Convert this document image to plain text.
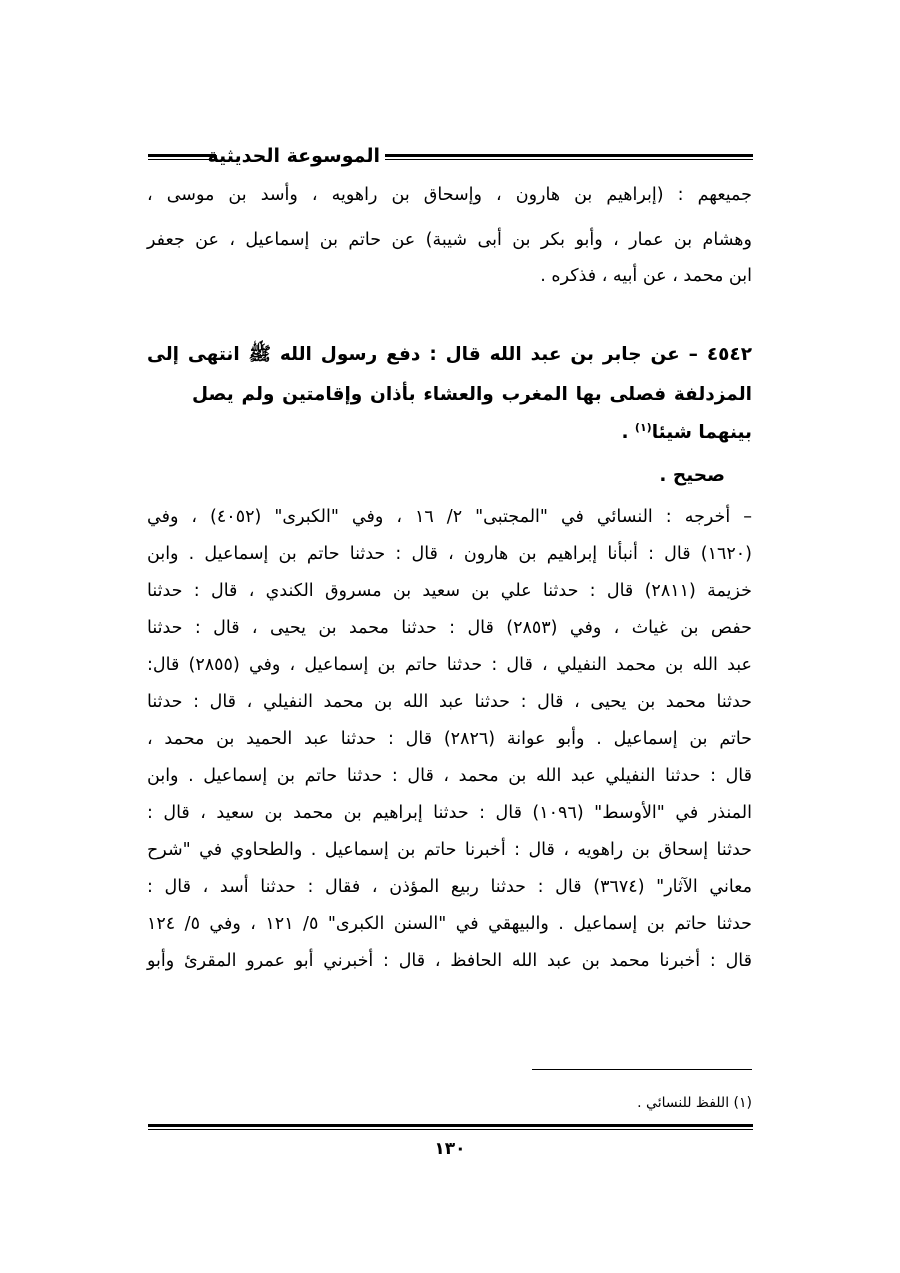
الموسوعة الحديثية
جميعهم : (إبراهيم بن هارون ، وإسحاق بن راهويه ، وأسد بن موسى ،
وهشام بن عمار ، وأبو بكر بن أبى شيبة) عن حاتم بن إسماعيل ، عن جعفر
ابن محمد ، عن أبيه ، فذكره .
٤٥٤٢ – عن جابر بن عبد الله قال : دفع رسول الله ﷺ انتهى إلى
المزدلفة فصلى بها المغرب والعشاء بأذان وإقامتين ولم يصل
بينهما شيئا$^{(١)}$ .
صحيح .
– أخرجه : النسائي في "المجتبى" ٢/ ١٦ ، وفي "الكبرى" (٤٠٥٢) ، وفي
(١٦٢٠) قال : أنبأنا إبراهيم بن هارون ، قال : حدثنا حاتم بن إسماعيل . وابن
خزيمة (٢٨١١) قال : حدثنا علي بن سعيد بن مسروق الكندي ، قال : حدثنا
حفص بن غياث ، وفي (٢٨٥٣) قال : حدثنا محمد بن يحيى ، قال : حدثنا
عبد الله بن محمد النفيلي ، قال : حدثنا حاتم بن إسماعيل ، وفي (٢٨٥٥) قال:
حدثنا محمد بن يحيى ، قال : حدثنا عبد الله بن محمد النفيلي ، قال : حدثنا
حاتم بن إسماعيل . وأبو عوانة (٢٨٢٦) قال : حدثنا عبد الحميد بن محمد ،
قال : حدثنا النفيلي عبد الله بن محمد ، قال : حدثنا حاتم بن إسماعيل . وابن
المنذر في "الأوسط" (١٠٩٦) قال : حدثنا إبراهيم بن محمد بن سعيد ، قال :
حدثنا إسحاق بن راهويه ، قال : أخبرنا حاتم بن إسماعيل . والطحاوي في "شرح
معاني الآثار" (٣٦٧٤) قال : حدثنا ربيع المؤذن ، فقال : حدثنا أسد ، قال :
حدثنا حاتم بن إسماعيل . والبيهقي في "السنن الكبرى" ٥/ ١٢١ ، وفي ٥/ ١٢٤
قال : أخبرنا محمد بن عبد الله الحافظ ، قال : أخبرني أبو عمرو المقرئ وأبو
(١) اللفظ للنسائي .
١٣٠
